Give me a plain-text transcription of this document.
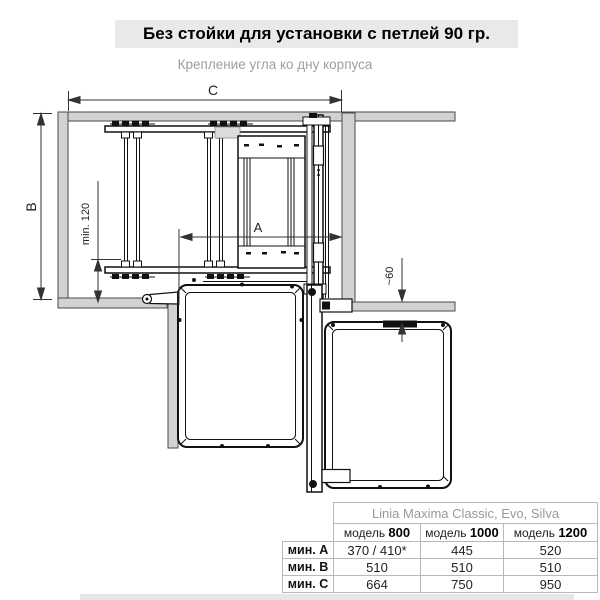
Без стойки для установки с петлей 90 гр.
Крепление угла ко дну корпуса
C
B
A
min. 120
~60
	Linia Maxima Classic, Evo, Silva		
	модель 800	модель 1000	модель 1200
мин. A	370 / 410*	445	520
мин. B	510	510	510
мин. C	664	750	950
